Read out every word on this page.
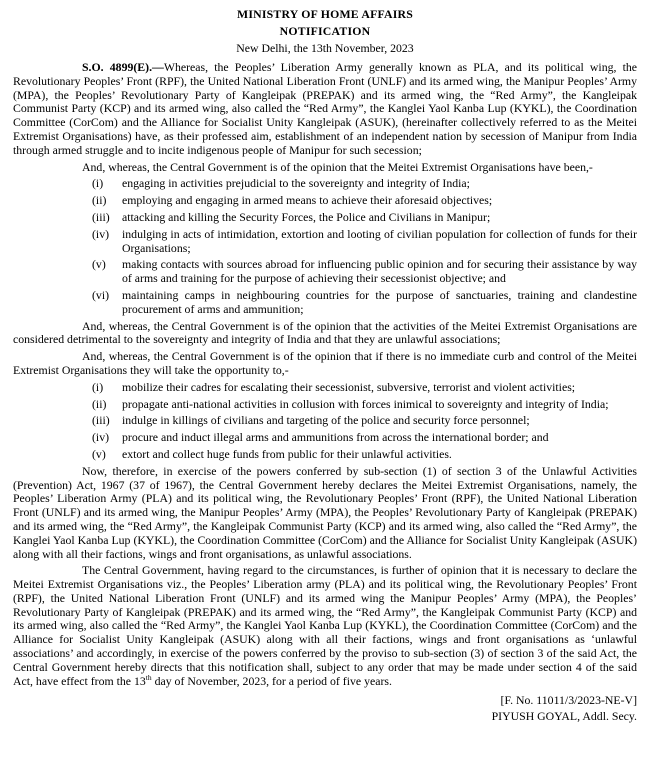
MINISTRY OF HOME AFFAIRS
NOTIFICATION
New Delhi, the 13th November, 2023

S.O. 4899(E).—Whereas, the Peoples’ Liberation Army generally known as PLA, and its political wing, the Revolutionary Peoples’ Front (RPF), the United National Liberation Front (UNLF) and its armed wing, the Manipur Peoples’ Army (MPA), the Peoples’ Revolutionary Party of Kangleipak (PREPAK) and its armed wing, the “Red Army”, the Kangleipak Communist Party (KCP) and its armed wing, also called the “Red Army”, the Kanglei Yaol Kanba Lup (KYKL), the Coordination Committee (CorCom) and the Alliance for Socialist Unity Kangleipak (ASUK), (hereinafter collectively referred to as the Meitei Extremist Organisations) have, as their professed aim, establishment of an independent nation by secession of Manipur from India through armed struggle and to incite indigenous people of Manipur for such secession;

And, whereas, the Central Government is of the opinion that the Meitei Extremist Organisations have been,-

(i) engaging in activities prejudicial to the sovereignty and integrity of India;
(ii) employing and engaging in armed means to achieve their aforesaid objectives;
(iii) attacking and killing the Security Forces, the Police and Civilians in Manipur;
(iv) indulging in acts of intimidation, extortion and looting of civilian population for collection of funds for their Organisations;
(v) making contacts with sources abroad for influencing public opinion and for securing their assistance by way of arms and training for the purpose of achieving their secessionist objective; and
(vi) maintaining camps in neighbouring countries for the purpose of sanctuaries, training and clandestine procurement of arms and ammunition;

And, whereas, the Central Government is of the opinion that the activities of the Meitei Extremist Organisations are considered detrimental to the sovereignty and integrity of India and that they are unlawful associations;

And, whereas, the Central Government is of the opinion that if there is no immediate curb and control of the Meitei Extremist Organisations they will take the opportunity to,-

(i) mobilize their cadres for escalating their secessionist, subversive, terrorist and violent activities;
(ii) propagate anti-national activities in collusion with forces inimical to sovereignty and integrity of India;
(iii) indulge in killings of civilians and targeting of the police and security force personnel;
(iv) procure and induct illegal arms and ammunitions from across the international border; and
(v) extort and collect huge funds from public for their unlawful activities.

Now, therefore, in exercise of the powers conferred by sub-section (1) of section 3 of the Unlawful Activities (Prevention) Act, 1967 (37 of 1967), the Central Government hereby declares the Meitei Extremist Organisations, namely, the Peoples’ Liberation Army (PLA) and its political wing, the Revolutionary Peoples’ Front (RPF), the United National Liberation Front (UNLF) and its armed wing, the Manipur Peoples’ Army (MPA), the Peoples’ Revolutionary Party of Kangleipak (PREPAK) and its armed wing, the “Red Army”, the Kangleipak Communist Party (KCP) and its armed wing, also called the “Red Army”, the Kanglei Yaol Kanba Lup (KYKL), the Coordination Committee (CorCom) and the Alliance for Socialist Unity Kangleipak (ASUK) along with all their factions, wings and front organisations, as unlawful associations.

The Central Government, having regard to the circumstances, is further of opinion that it is necessary to declare the Meitei Extremist Organisations viz., the Peoples’ Liberation army (PLA) and its political wing, the Revolutionary Peoples’ Front (RPF), the United National Liberation Front (UNLF) and its armed wing the Manipur Peoples’ Army (MPA), the Peoples’ Revolutionary Party of Kangleipak (PREPAK) and its armed wing, the “Red Army”, the Kangleipak Communist Party (KCP) and its armed wing, also called the “Red Army”, the Kanglei Yaol Kanba Lup (KYKL), the Coordination Committee (CorCom) and the Alliance for Socialist Unity Kangleipak (ASUK) along with all their factions, wings and front organisations as ‘unlawful associations’ and accordingly, in exercise of the powers conferred by the proviso to sub-section (3) of section 3 of the said Act, the Central Government hereby directs that this notification shall, subject to any order that may be made under section 4 of the said Act, have effect from the 13th day of November, 2023, for a period of five years.

[F. No. 11011/3/2023-NE-V]
PIYUSH GOYAL, Addl. Secy.
